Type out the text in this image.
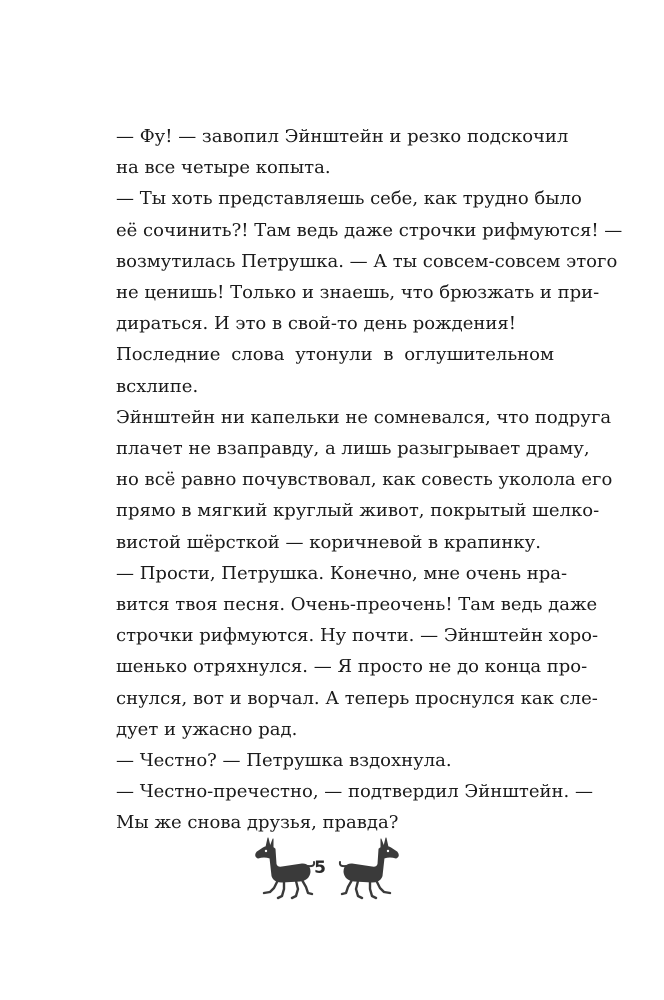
— Фу! — завопил Эйнштейн и резко подскочил
на все четыре копыта.

— Ты хоть представляешь себе, как трудно было
её сочинить?! Там ведь даже строчки рифмуются! —
возмутилась Петрушка. — А ты совсем-совсем этого
не ценишь! Только и знаешь, что брюзжать и при-
дираться. И это в свой-то день рождения!

Последние слова утонули в оглушительном
всхлипе.

Эйнштейн ни капельки не сомневался, что подруга
плачет не взаправду, а лишь разыгрывает драму,
но всё равно почувствовал, как совесть уколола его
прямо в мягкий круглый живот, покрытый шелко-
вистой шёрсткой — коричневой в крапинку.

— Прости, Петрушка. Конечно, мне очень нра-
вится твоя песня. Очень-преочень! Там ведь даже
строчки рифмуются. Ну почти. — Эйнштейн хоро-
шенько отряхнулся. — Я просто не до конца про-
снулся, вот и ворчал. А теперь проснулся как сле-
дует и ужасно рад.

— Честно? — Петрушка вздохнула.

— Честно-пречестно, — подтвердил Эйнштейн. —
Мы же снова друзья, правда?

5
